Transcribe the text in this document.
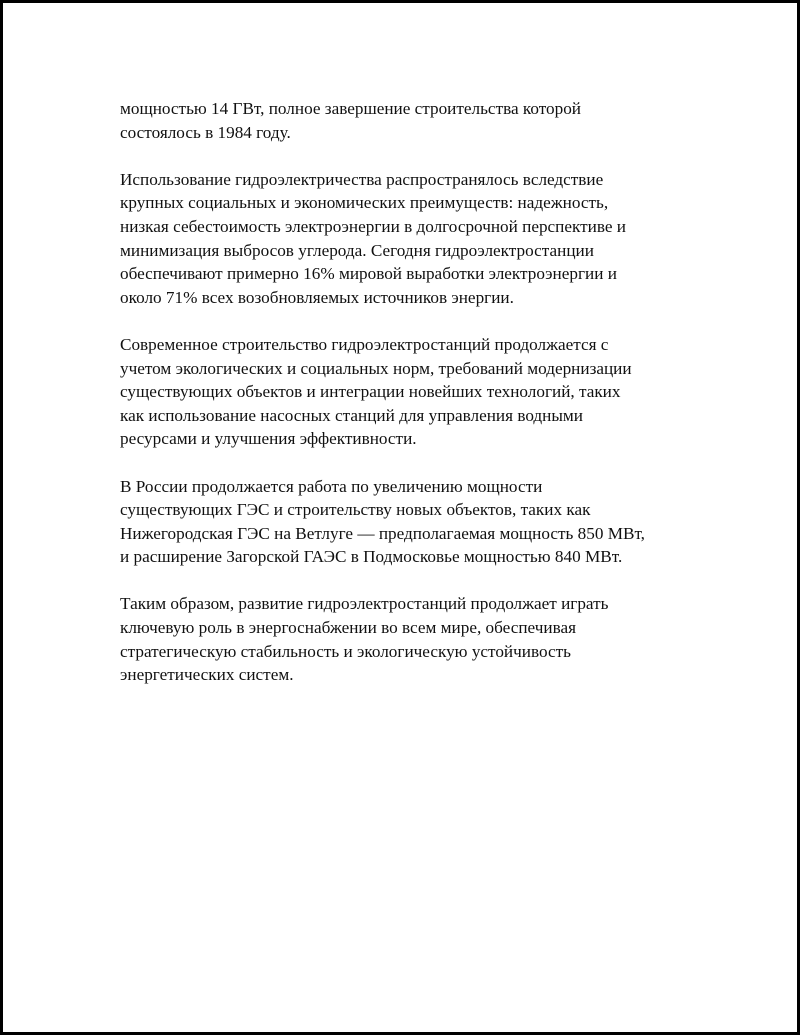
мощностью 14 ГВт, полное завершение строительства которой
состоялось в 1984 году.

Использование гидроэлектричества распространялось вследствие
крупных социальных и экономических преимуществ: надежность,
низкая себестоимость электроэнергии в долгосрочной перспективе и
минимизация выбросов углерода. Сегодня гидроэлектростанции
обеспечивают примерно 16% мировой выработки электроэнергии и
около 71% всех возобновляемых источников энергии.

Современное строительство гидроэлектростанций продолжается с
учетом экологических и социальных норм, требований модернизации
существующих объектов и интеграции новейших технологий, таких
как использование насосных станций для управления водными
ресурсами и улучшения эффективности.

В России продолжается работа по увеличению мощности
существующих ГЭС и строительству новых объектов, таких как
Нижегородская ГЭС на Ветлуге — предполагаемая мощность 850 МВт,
и расширение Загорской ГАЭС в Подмосковье мощностью 840 МВт.

Таким образом, развитие гидроэлектростанций продолжает играть
ключевую роль в энергоснабжении во всем мире, обеспечивая
стратегическую стабильность и экологическую устойчивость
энергетических систем.
